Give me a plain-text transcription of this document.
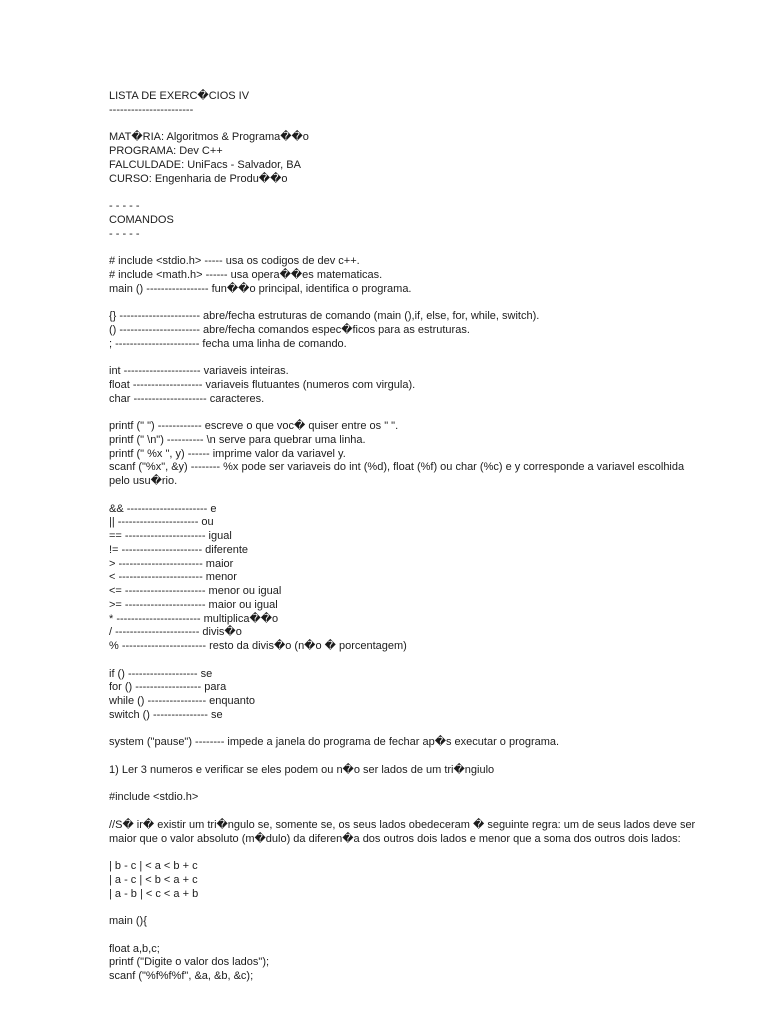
LISTA DE EXERC�CIOS IV
-----------------------
MAT�RIA: Algoritmos & Programa��o
PROGRAMA: Dev C++
FALCULDADE: UniFacs - Salvador, BA
CURSO: Engenharia de Produ��o
- - - - -
COMANDOS
- - - - -
# include <stdio.h> ----- usa os codigos de dev c++.
# include <math.h> ------ usa opera��es matematicas.
main () ----------------- fun��o principal, identifica o programa.
{} ---------------------- abre/fecha estruturas de comando (main (),if, else, for, while, switch).
() ---------------------- abre/fecha comandos espec�ficos para as estruturas.
; ----------------------- fecha uma linha de comando.
int --------------------- variaveis inteiras.
float ------------------- variaveis flutuantes (numeros com virgula).
char -------------------- caracteres.
printf (" ") ------------ escreve o que voc� quiser entre os " ".
printf (" \n") ---------- \n serve para quebrar uma linha.
printf (" %x ", y) ------ imprime valor da variavel y.
scanf ("%x", &y) -------- %x pode ser variaveis do int (%d), float (%f) ou char (%c) e y corresponde a variavel escolhida
pelo usu�rio.
&& ---------------------- e
|| ---------------------- ou
== ---------------------- igual
!= ---------------------- diferente
> ----------------------- maior
< ----------------------- menor
<= ---------------------- menor ou igual
>= ---------------------- maior ou igual
* ----------------------- multiplica��o
/ ----------------------- divis�o
% ----------------------- resto da divis�o (n�o � porcentagem)
if () ------------------- se
for () ------------------ para
while () ---------------- enquanto
switch () --------------- se
system ("pause") -------- impede a janela do programa de fechar ap�s executar o programa.
1) Ler 3 numeros e verificar se eles podem ou n�o ser lados de um tri�ngiulo
#include <stdio.h>
//S� ir� existir um tri�ngulo se, somente se, os seus lados obedeceram � seguinte regra: um de seus lados deve ser
maior que o valor absoluto (m�dulo) da diferen�a dos outros dois lados e menor que a soma dos outros dois lados:
| b - c | < a < b + c
| a - c | < b < a + c
| a - b | < c < a + b
main (){
float a,b,c;
printf ("Digite o valor dos lados");
scanf ("%f%f%f", &a, &b, &c);
